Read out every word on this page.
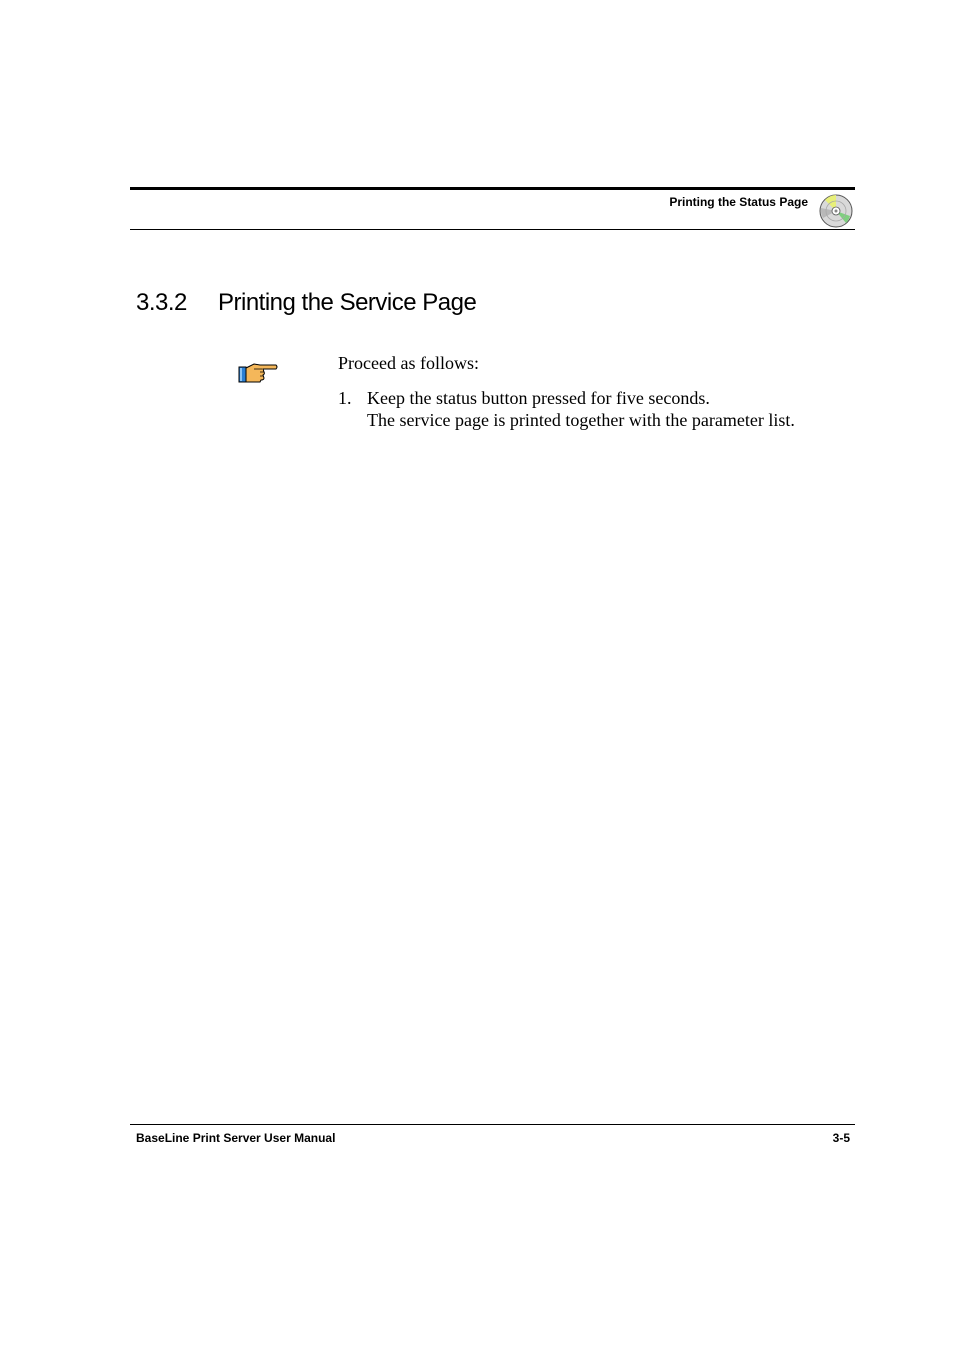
Printing the Status Page
3.3.2 Printing the Service Page
Proceed as follows:
1. Keep the status button pressed for five seconds.
The service page is printed together with the parameter list.
BaseLine Print Server User Manual	3-5
